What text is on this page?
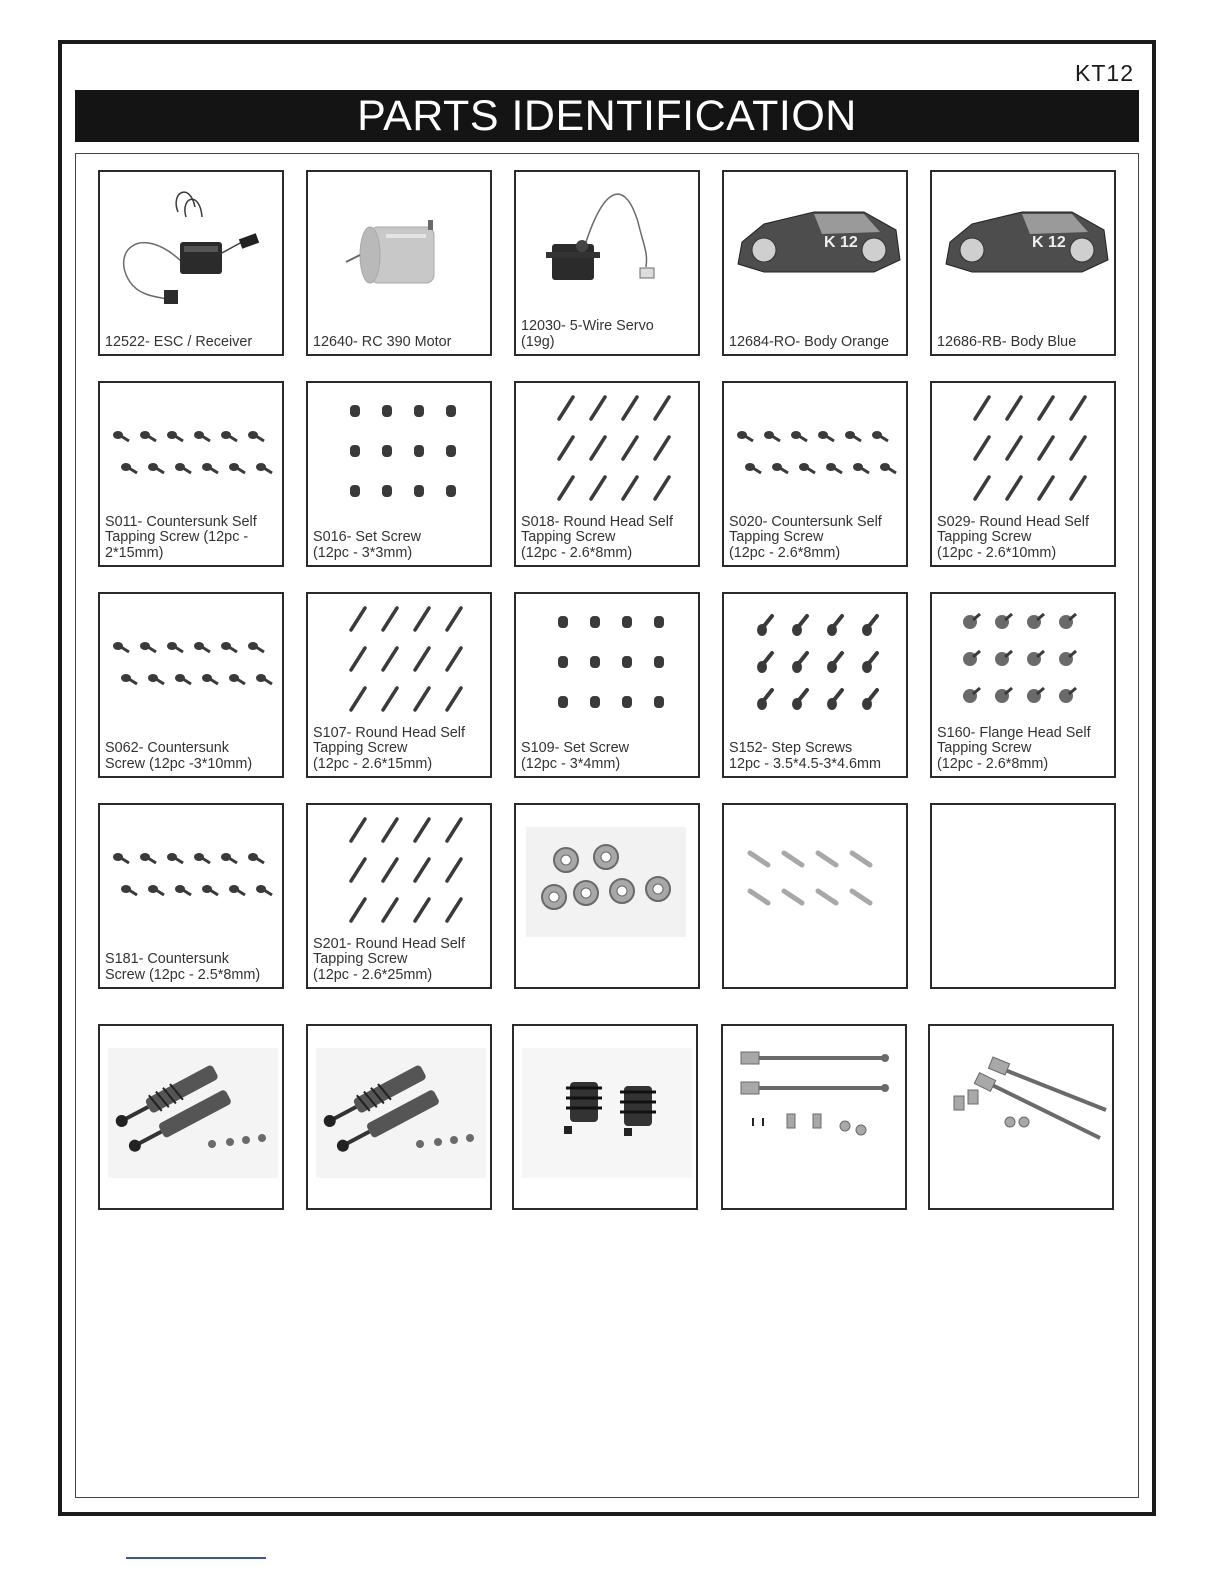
KT12
PARTS IDENTIFICATION
12522- ESC / Receiver	12640- RC 390 Motor
12030- 5-Wire Servo
(19g)
K 12
12684-RO- Body Orange
K 12
12686-RB- Body Blue
S011- Countersunk Self
Tapping Screw (12pc -
2*15mm)
S016- Set Screw
(12pc - 3*3mm)
S018- Round Head Self
Tapping Screw
(12pc - 2.6*8mm)
S020- Countersunk Self
Tapping Screw
(12pc - 2.6*8mm)
S029- Round Head Self
Tapping Screw
(12pc - 2.6*10mm)
S062- Countersunk
Screw (12pc -3*10mm)
S107- Round Head Self
Tapping Screw
(12pc - 2.6*15mm)
S109- Set Screw
(12pc - 3*4mm)
S152- Step Screws
12pc - 3.5*4.5-3*4.6mm
S160- Flange Head Self
Tapping Screw
(12pc - 2.6*8mm)
S181- Countersunk
Screw (12pc - 2.5*8mm)
S201- Round Head Self
Tapping Screw
(12pc - 2.6*25mm)
